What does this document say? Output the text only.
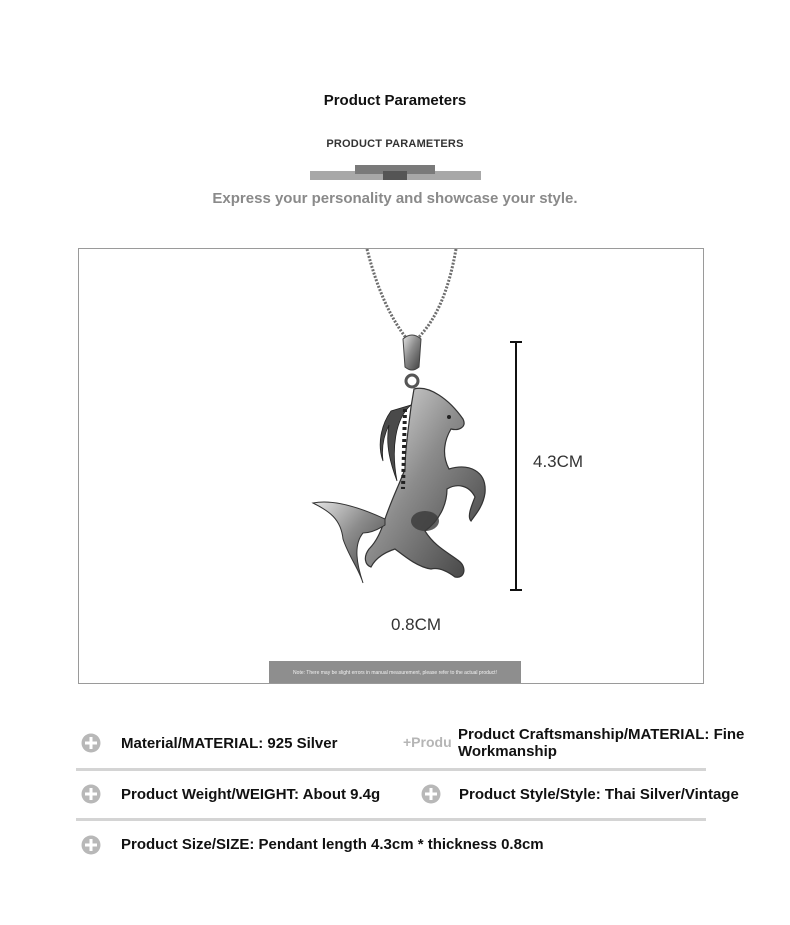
Product Parameters
PRODUCT PARAMETERS
Express your personality and showcase your style.
4.3CM
0.8CM
Note: There may be slight errors in manual measurement, please refer to the actual product!
Material/MATERIAL: 925 Silver	+Produ Product Craftsmanship/MATERIAL: Fine Workmanship
Product Weight/WEIGHT: About 9.4g	Product Style/Style: Thai Silver/Vintage
Product Size/SIZE: Pendant length 4.3cm * thickness 0.8cm
